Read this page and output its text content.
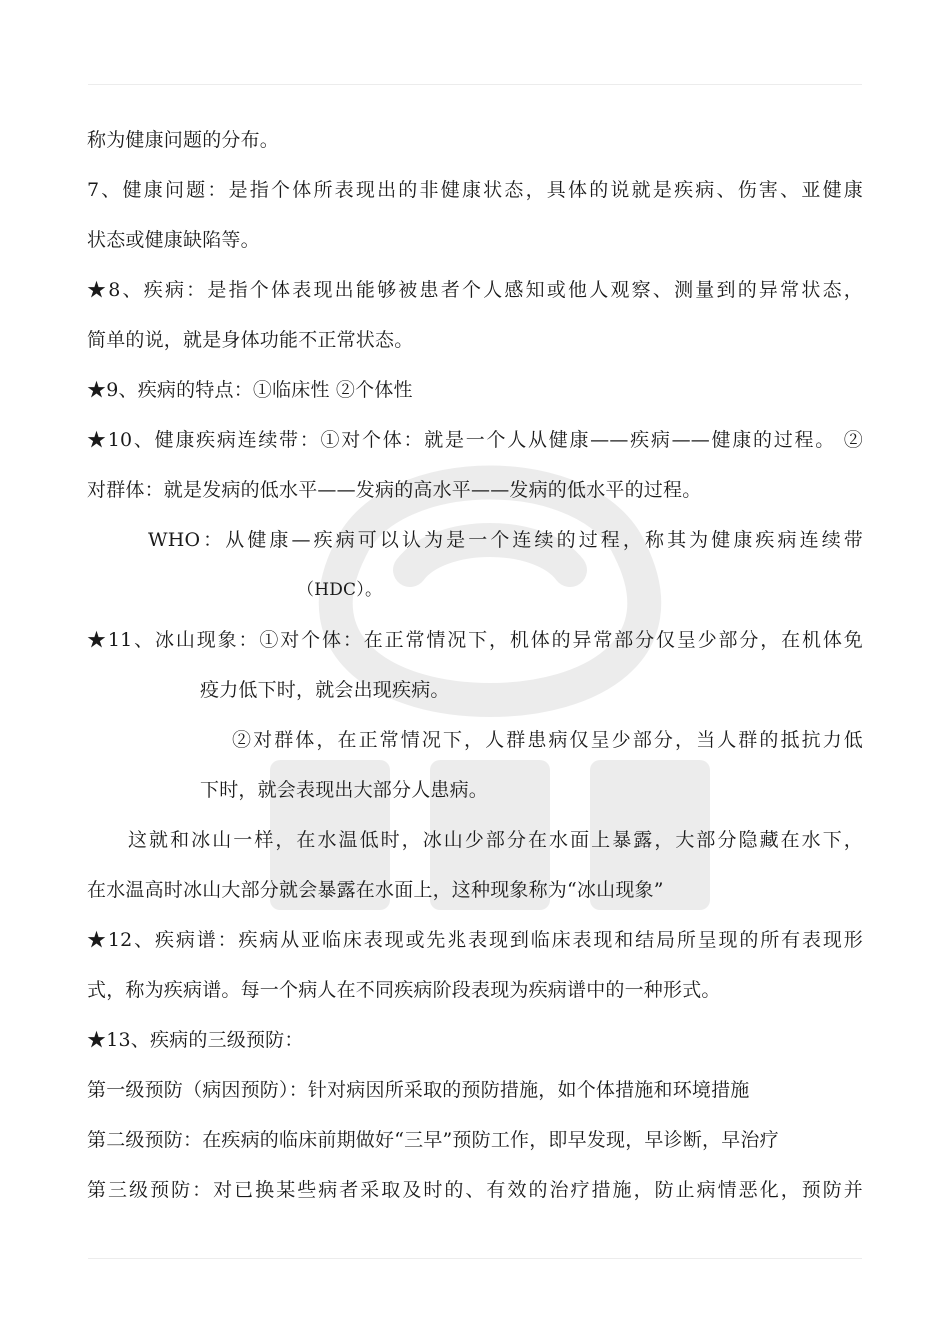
称为健康问题的分布。
7、健康问题：是指个体所表现出的非健康状态，具体的说就是疾病、伤害、亚健康
状态或健康缺陷等。
★8、疾病：是指个体表现出能够被患者个人感知或他人观察、测量到的异常状态，
简单的说，就是身体功能不正常状态。
★9、疾病的特点：①临床性 ②个体性
★10、健康疾病连续带：①对个体：就是一个人从健康——疾病——健康的过程。 ②
对群体：就是发病的低水平——发病的高水平——发病的低水平的过程。
WHO：从健康—疾病可以认为是一个连续的过程，称其为健康疾病连续带
（HDC）。
★11、冰山现象：①对个体：在正常情况下，机体的异常部分仅呈少部分，在机体免
疫力低下时，就会出现疾病。
②对群体，在正常情况下，人群患病仅呈少部分，当人群的抵抗力低
下时，就会表现出大部分人患病。
这就和冰山一样，在水温低时，冰山少部分在水面上暴露，大部分隐藏在水下，
在水温高时冰山大部分就会暴露在水面上，这种现象称为“冰山现象”
★12、疾病谱：疾病从亚临床表现或先兆表现到临床表现和结局所呈现的所有表现形
式，称为疾病谱。每一个病人在不同疾病阶段表现为疾病谱中的一种形式。
★13、疾病的三级预防：
第一级预防（病因预防）：针对病因所采取的预防措施，如个体措施和环境措施
第二级预防：在疾病的临床前期做好“三早”预防工作，即早发现，早诊断，早治疗
第三级预防：对已换某些病者采取及时的、有效的治疗措施，防止病情恶化，预防并
